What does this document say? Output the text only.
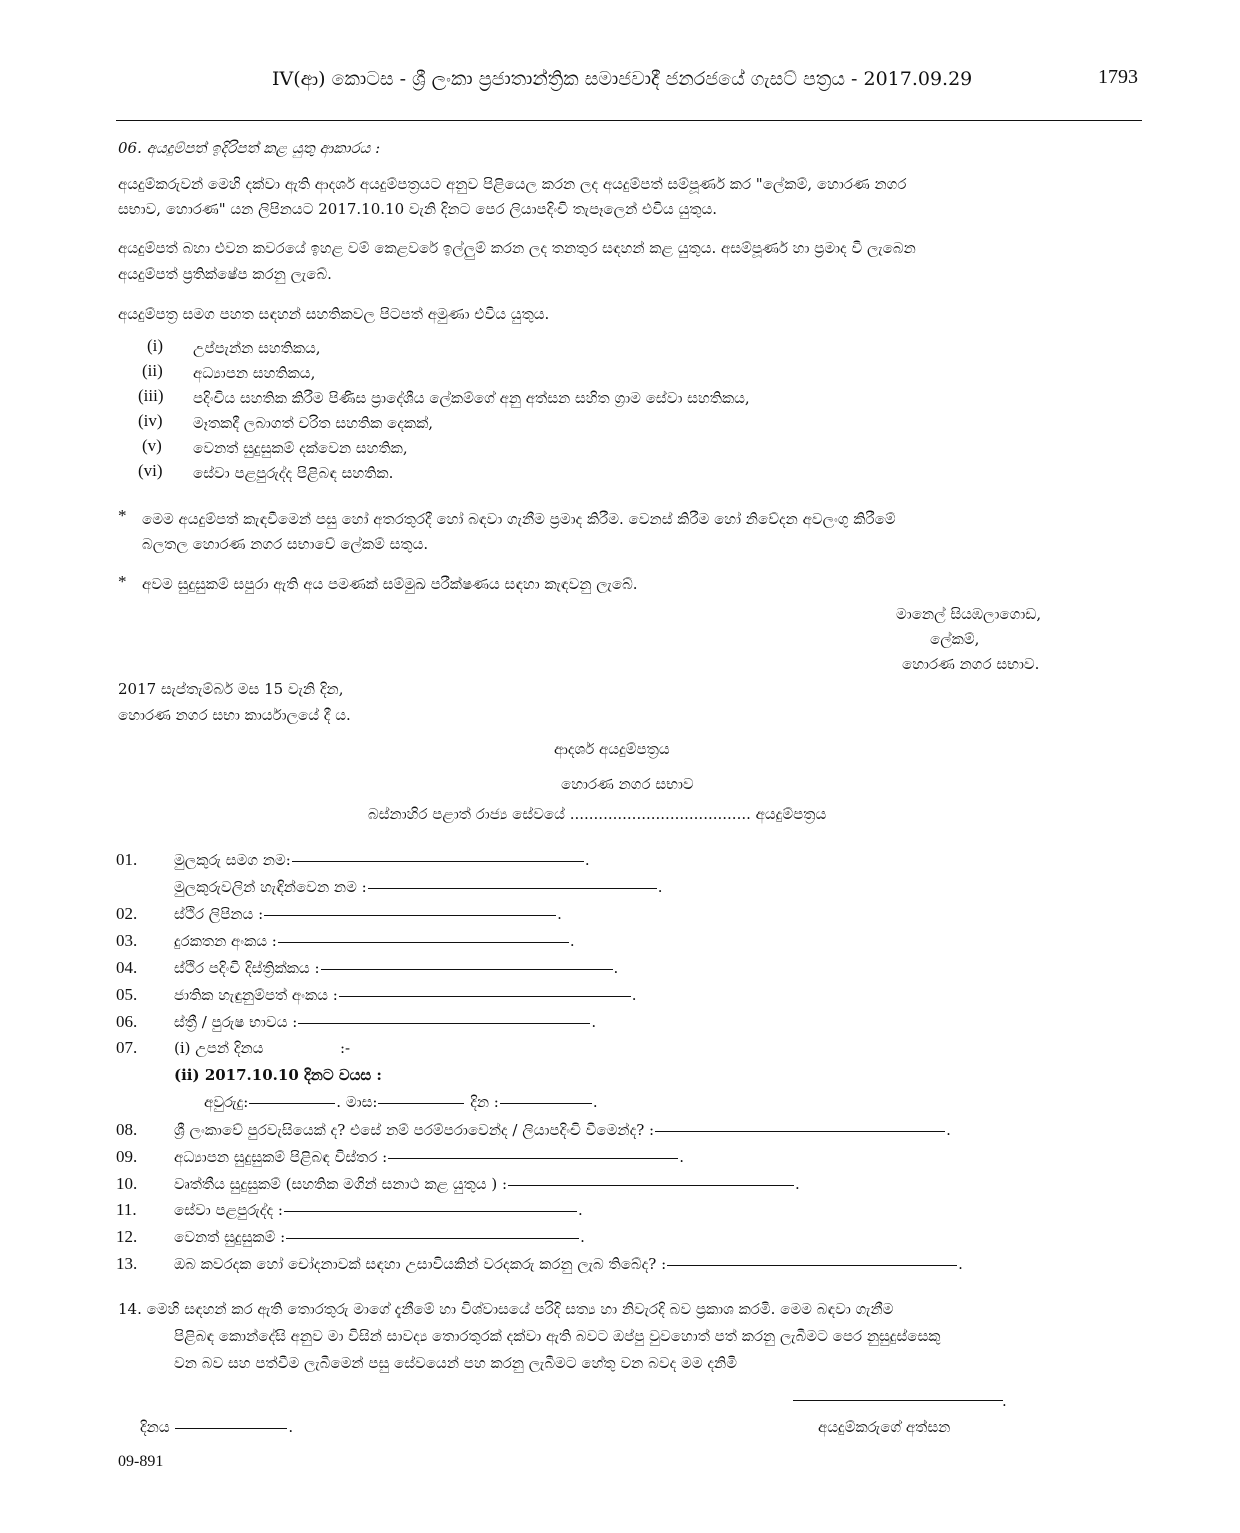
IV(ආ) කොටස - ශ්‍රී ලංකා ප්‍රජාතාන්ත්‍රික සමාජවාදී ජනරජයේ ගැසට් පත්‍රය - 2017.09.29	1793
06. අයදුම්පත් ඉදිරිපත් කළ යුතු ආකාරය :
අයදුම්කරුවන් මෙහි දක්වා ඇති ආදර්ශ අයදුම්පත්‍රයට අනුව පිළියෙල කරන ලද අයදුම්පත් සම්පූර්ණ කර "ලේකම්, හොරණ නගර
සභාව, හොරණ" යන ලිපිනයට 2017.10.10 වැනි දිනට පෙර ලියාපදිංචි තැපෑලෙන් එවිය යුතුය.
අයදුම්පත් බහා එවන කවරයේ ඉහළ වම් කෙළවරේ ඉල්ලුම් කරන ලද තනතුර සඳහන් කළ යුතුය. අසම්පූර්ණ හා ප්‍රමාද වී ලැබෙන
අයදුම්පත් ප්‍රතික්ෂේප කරනු ලැබේ.
අයදුම්පත්‍ර සමග පහත සඳහන් සහතිකවල පිටපත් අමුණා එවිය යුතුය.
(i) උප්පැන්න සහතිකය,
(ii) අධ්‍යාපන සහතිකය,
(iii) පදිංචිය සහතික කිරීම පිණිස ප්‍රාදේශීය ලේකම්ගේ අනු අත්සන සහිත ග්‍රාම සේවා සහතිකය,
(iv) මෑතකදී ලබාගත් චරිත සහතික දෙකක්,
(v) වෙනත් සුදුසුකම් දක්වෙන සහතික,
(vi) සේවා පළපුරුද්ද පිළිබඳ සහතික.
* මෙම අයදුම්පත් කැඳවීමෙන් පසු හෝ අතරතුරදී හෝ බඳවා ගැනීම ප්‍රමාද කිරීම. වෙනස් කිරීම හෝ නිවේදන අවලංගු කිරීමේ
බලතල හොරණ නගර සභාවේ ලේකම් සතුය.
* අවම සුදුසුකම් සපුරා ඇති අය පමණක් සම්මුඛ පරීක්ෂණය සඳහා කැඳවනු ලැබේ.
මානෙල් සියඹලාගොඩ,
ලේකම්,
හොරණ නගර සභාව.
2017 සැප්තැම්බර් මස 15 වැනි දින,
හොරණ නගර සභා කාර්යාලයේ දී ය.
ආදර්ශ අයදුම්පත්‍රය
හොරණ නගර සභාව
බස්නාහිර පළාත් රාජ්‍ය සේවයේ ...................................... අයදුම්පත්‍රය
01. මුලකුරු සමග නම:	.
මුලකුරුවලින් හැඳින්වෙන නම :	.
02. ස්ථිර ලිපිනය :	.
03. දුරකතන අංකය :	.
04. ස්ථිර පදිංචි දිස්ත්‍රික්කය :	.
05. ජාතික හැඳුනුම්පත් අංකය :	.
06. ස්ත්‍රී / පුරුෂ භාවය :	.
07. (i) උපන් දිනය	:-
(ii) 2017.10.10 දිනට වයස :
අවුරුදු:	. මාස:	දින :	.
08. ශ්‍රී ලංකාවේ පුරවැසියෙක් ද? එසේ නම් පරම්පරාවෙන්ද / ලියාපදිංචි වීමෙන්ද? :	.
09. අධ්‍යාපන සුදුසුකම් පිළිබඳ විස්තර :	.
10. වෘත්තීය සුදුසුකම් (සහතික මගින් සනාථ කළ යුතුය ) :	.
11. සේවා පළපුරුද්ද :	.
12. වෙනත් සුදුසුකම් :	.
13. ඔබ කවරදක හෝ චෝදනාවක් සඳහා උසාවියකින් වරදකරු කරනු ලැබ තිබේද? :	.
14. මෙහි සඳහන් කර ඇති තොරතුරු මාගේ දැනීමේ හා විශ්වාසයේ පරිදි සත්‍ය හා නිවැරදි බව ප්‍රකාශ කරමි. මෙම බඳවා ගැනීම
පිළිබඳ කොන්දේසි අනුව මා විසින් සාවද්‍ය තොරතුරක් දක්වා ඇති බවට ඔප්පු වුවහොත් පත් කරනු ලැබීමට පෙර නුසුදුස්සෙකු
වන බව සහ පත්වීම ලැබීමෙන් පසු සේවයෙන් පහ කරනු ලැබීමට හේතු වන බවද මම දනිමි
.
දිනය	.	අයදුම්කරුගේ අත්සන
09-891
